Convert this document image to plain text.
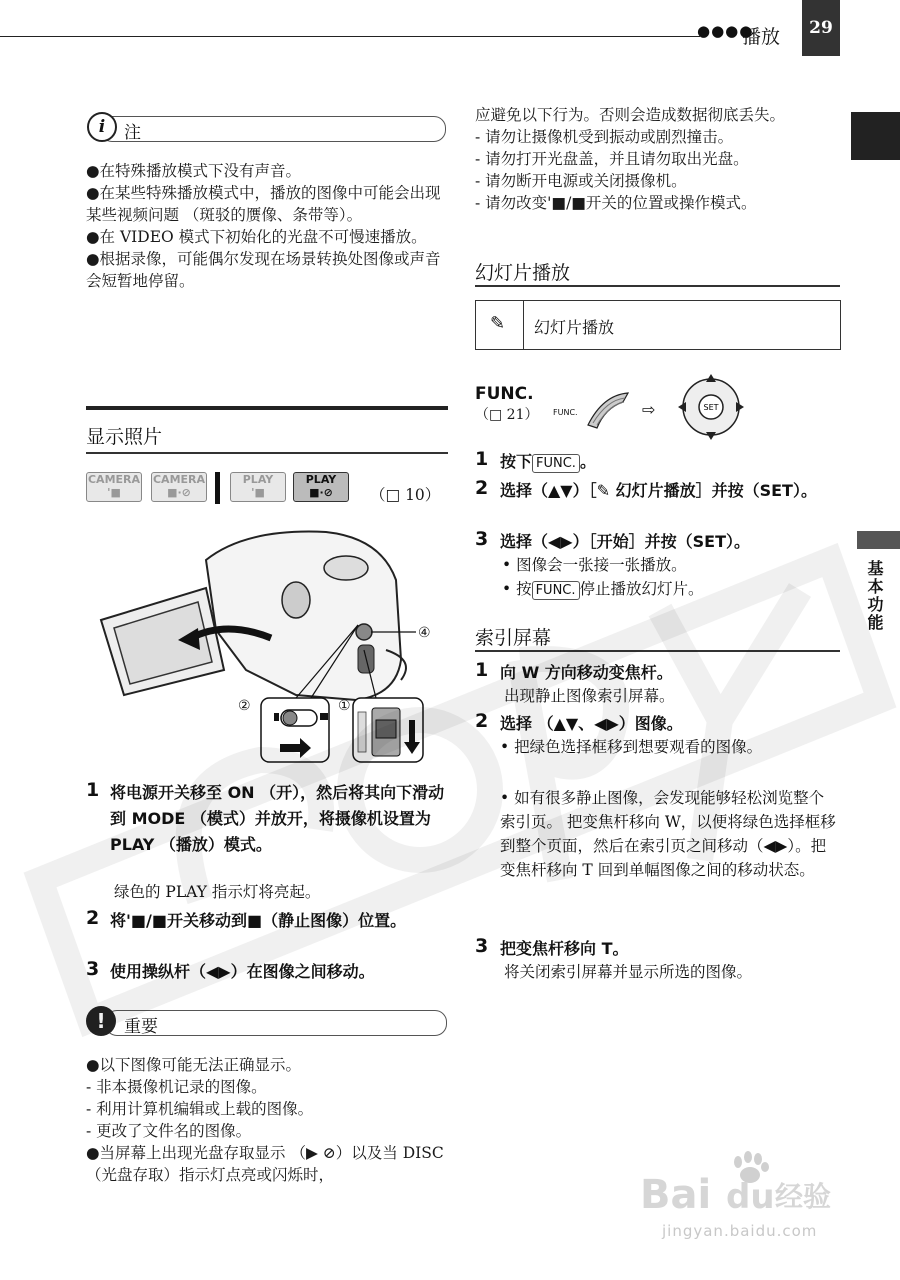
●●●●
播放	29
基本功能
i	注

●在特殊播放模式下没有声音。

●在某些特殊播放模式中，播放的图像中可能会出现某些视频问题 （斑驳的赝像、条带等）。

●在 VIDEO 模式下初始化的光盘不可慢速播放。

●根据录像，可能偶尔发现在场景转换处图像或声音会短暂地停留。

显示照片
CAMERA
'■
CAMERA
■·⊘
PLAY
'■
PLAY
■·⊘	（□ 10）
②	①
④
1 将电源开关移至 ON （开），然后将其向下滑动到 MODE （模式）并放开，将摄像机设置为 PLAY （播放）模式。
绿色的 PLAY 指示灯将亮起。
2 将'■/■开关移动到■（静止图像）位置。
3 使用操纵杆（◀▶）在图像之间移动。
!	重要

●以下图像可能无法正确显示。

- 非本摄像机记录的图像。

- 利用计算机编辑或上载的图像。

- 更改了文件名的图像。

●当屏幕上出现光盘存取显示 （▶ ⊘）以及当 DISC （光盘存取）指示灯点亮或闪烁时，

应避免以下行为。否则会造成数据彻底丢失。

- 请勿让摄像机受到振动或剧烈撞击。

- 请勿打开光盘盖，并且请勿取出光盘。

- 请勿断开电源或关闭摄像机。

- 请勿改变'■/■开关的位置或操作模式。

幻灯片播放
✎ 幻灯片播放
FUNC.
（□ 21） FUNC.	⇨	SET
1 按下 FUNC. 。
2 选择（▲▼）［✎ 幻灯片播放］并按（SET）。
3 选择（◀▶）［开始］并按（SET）。
• 图像会一张接一张播放。
• 按 FUNC. 停止播放幻灯片。
索引屏幕
1 向 W 方向移动变焦杆。
出现静止图像索引屏幕。
2 选择 （▲▼、◀▶）图像。
• 把绿色选择框移到想要观看的图像。
• 如有很多静止图像，会发现能够轻松浏览整个索引页。 把变焦杆移向 W，以便将绿色选择框移到整个页面，然后在索引页之间移动（◀▶）。把变焦杆移向 T 回到单幅图像之间的移动状态。
3 把变焦杆移向 T。
将关闭索引屏幕并显示所选的图像。
Bai du 经验
jingyan.baidu.com
